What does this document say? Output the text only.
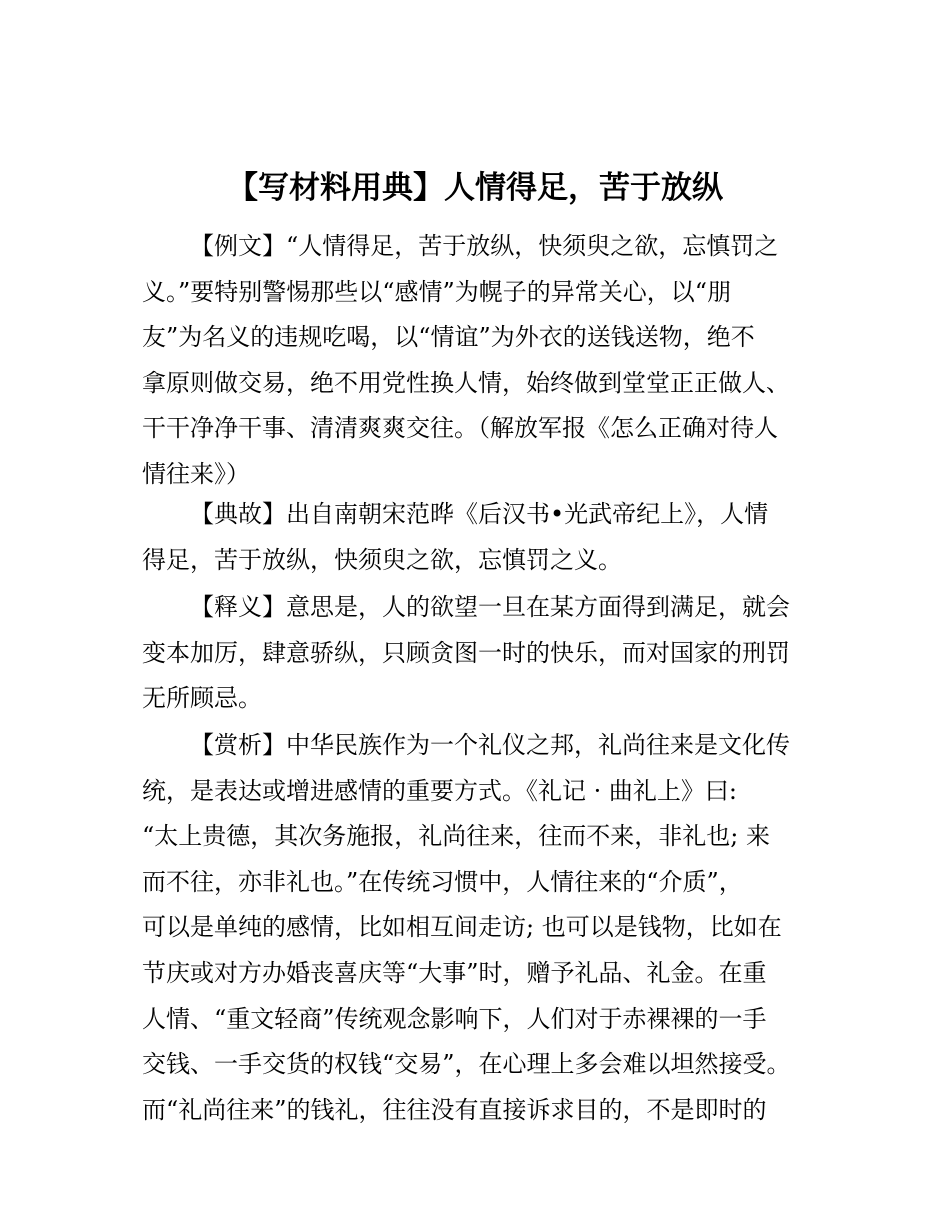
【写材料用典】人情得足，苦于放纵
【例文】“人情得足，苦于放纵，快须臾之欲，忘慎罚之
义。”要特别警惕那些以“感情”为幌子的异常关心，以“朋
友”为名义的违规吃喝，以“情谊”为外衣的送钱送物，绝不
拿原则做交易，绝不用党性换人情，始终做到堂堂正正做人、
干干净净干事、清清爽爽交往。（解放军报《怎么正确对待人
情往来》）
【典故】出自南朝宋范晔《后汉书•光武帝纪上》，人情
得足，苦于放纵，快须臾之欲，忘慎罚之义。
【释义】意思是，人的欲望一旦在某方面得到满足，就会
变本加厉，肆意骄纵，只顾贪图一时的快乐，而对国家的刑罚
无所顾忌。
【赏析】中华民族作为一个礼仪之邦，礼尚往来是文化传
统，是表达或增进感情的重要方式。《礼记 · 曲礼上》曰:
“太上贵德，其次务施报，礼尚往来，往而不来，非礼也; 来
而不往，亦非礼也。”在传统习惯中，人情往来的“介质”，
可以是单纯的感情，比如相互间走访; 也可以是钱物，比如在
节庆或对方办婚丧喜庆等“大事”时，赠予礼品、礼金。在重
人情、“重文轻商”传统观念影响下，人们对于赤裸裸的一手
交钱、一手交货的权钱“交易”，在心理上多会难以坦然接受。
而“礼尚往来”的钱礼，往往没有直接诉求目的，不是即时的
